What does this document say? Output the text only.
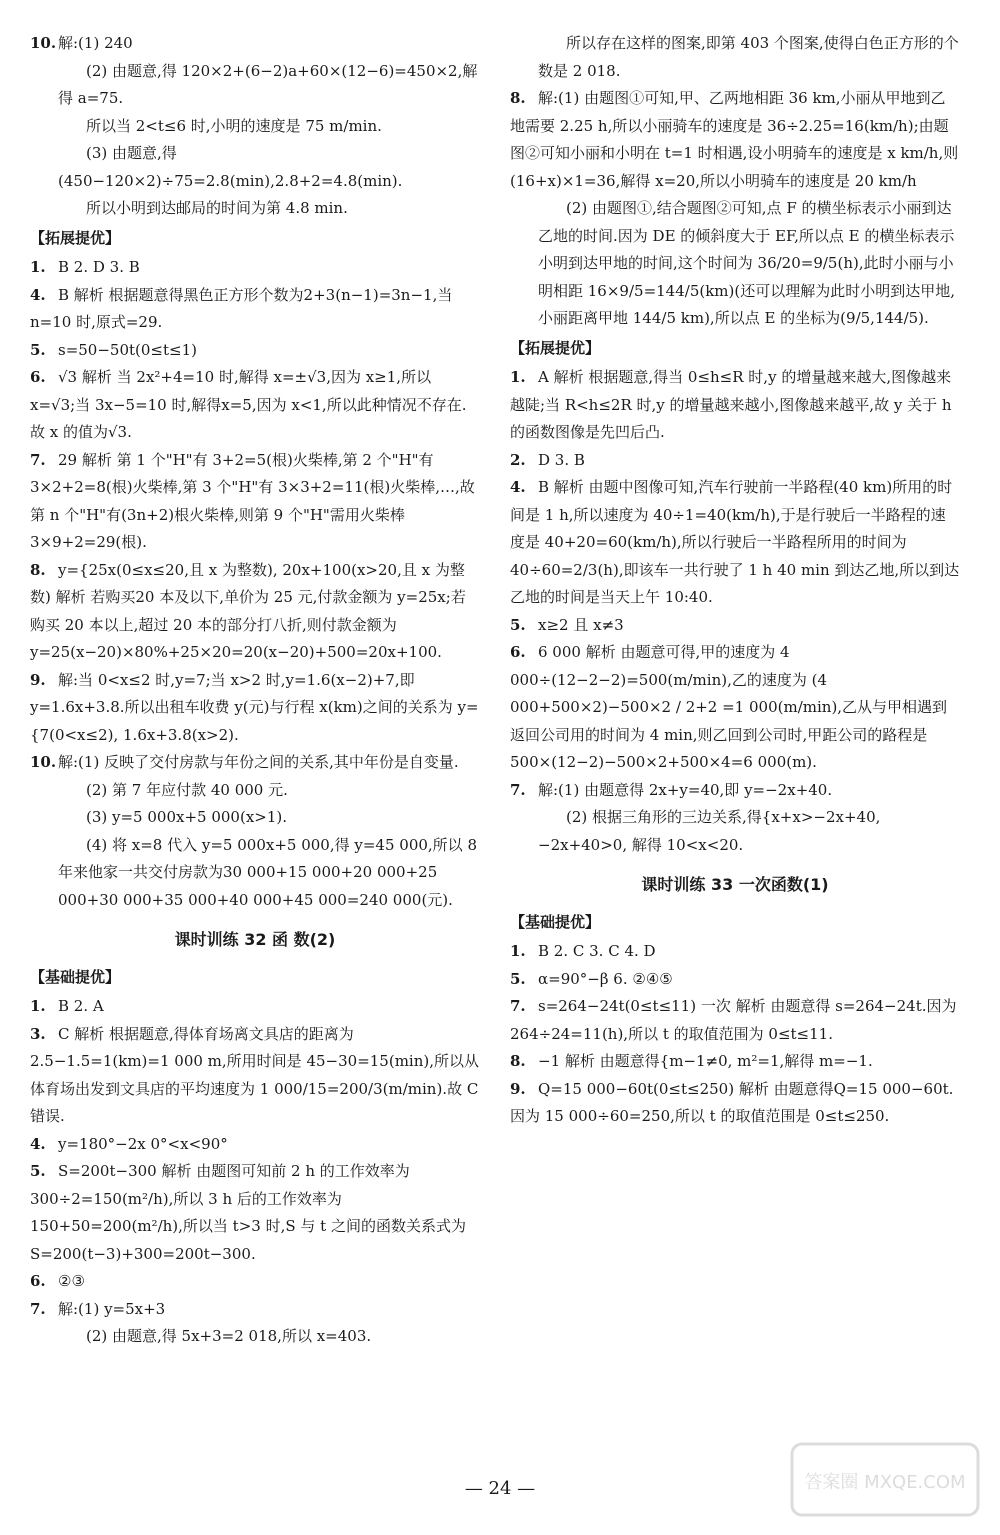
10. 解:(1) 240
(2) 由题意,得 120×2+(6−2)a+60×(12−6)=450×2,解得 a=75.
所以当 2<t≤6 时,小明的速度是 75 m/min.
(3) 由题意,得(450−120×2)÷75=2.8(min),2.8+2=4.8(min).
所以小明到达邮局的时间为第 4.8 min.
【拓展提优】
1. B 2. D 3. B
4. B 解析 根据题意得黑色正方形个数为2+3(n−1)=3n−1,当 n=10 时,原式=29.
5. s=50−50t(0≤t≤1)
6. √3 解析 当 2x²+4=10 时,解得 x=±√3,因为 x≥1,所以 x=√3;当 3x−5=10 时,解得x=5,因为 x<1,所以此种情况不存在.故 x 的值为√3.
7. 29 解析 第 1 个"H"有 3+2=5(根)火柴棒,第 2 个"H"有 3×2+2=8(根)火柴棒,第 3 个"H"有 3×3+2=11(根)火柴棒,…,故第 n 个"H"有(3n+2)根火柴棒,则第 9 个"H"需用火柴棒 3×9+2=29(根).
8. y={25x(0≤x≤20,且 x 为整数), 20x+100(x>20,且 x 为整数) 解析 若购买20 本及以下,单价为 25 元,付款金额为 y=25x;若购买 20 本以上,超过 20 本的部分打八折,则付款金额为 y=25(x−20)×80%+25×20=20(x−20)+500=20x+100.
9. 解:当 0<x≤2 时,y=7;当 x>2 时,y=1.6(x−2)+7,即 y=1.6x+3.8.所以出租车收费 y(元)与行程 x(km)之间的关系为 y={7(0<x≤2), 1.6x+3.8(x>2).
10. 解:(1) 反映了交付房款与年份之间的关系,其中年份是自变量.
(2) 第 7 年应付款 40 000 元.
(3) y=5 000x+5 000(x>1).
(4) 将 x=8 代入 y=5 000x+5 000,得 y=45 000,所以 8 年来他家一共交付房款为30 000+15 000+20 000+25 000+30 000+35 000+40 000+45 000=240 000(元).
课时训练 32 函 数(2)
【基础提优】
1. B 2. A
3. C 解析 根据题意,得体育场离文具店的距离为 2.5−1.5=1(km)=1 000 m,所用时间是 45−30=15(min),所以从体育场出发到文具店的平均速度为 1 000/15=200/3(m/min).故 C 错误.
4. y=180°−2x 0°<x<90°
5. S=200t−300 解析 由题图可知前 2 h 的工作效率为 300÷2=150(m²/h),所以 3 h 后的工作效率为 150+50=200(m²/h),所以当 t>3 时,S 与 t 之间的函数关系式为 S=200(t−3)+300=200t−300.
6. ②③
7. 解:(1) y=5x+3
(2) 由题意,得 5x+3=2 018,所以 x=403.
所以存在这样的图案,即第 403 个图案,使得白色正方形的个数是 2 018.
8. 解:(1) 由题图①可知,甲、乙两地相距 36 km,小丽从甲地到乙地需要 2.25 h,所以小丽骑车的速度是 36÷2.25=16(km/h);由题图②可知小丽和小明在 t=1 时相遇,设小明骑车的速度是 x km/h,则(16+x)×1=36,解得 x=20,所以小明骑车的速度是 20 km/h
(2) 由题图①,结合题图②可知,点 F 的横坐标表示小丽到达乙地的时间.因为 DE 的倾斜度大于 EF,所以点 E 的横坐标表示小明到达甲地的时间,这个时间为 36/20=9/5(h),此时小丽与小明相距 16×9/5=144/5(km)(还可以理解为此时小明到达甲地,小丽距离甲地 144/5 km),所以点 E 的坐标为(9/5,144/5).
【拓展提优】
1. A 解析 根据题意,得当 0≤h≤R 时,y 的增量越来越大,图像越来越陡;当 R<h≤2R 时,y 的增量越来越小,图像越来越平,故 y 关于 h 的函数图像是先凹后凸.
2. D 3. B
4. B 解析 由题中图像可知,汽车行驶前一半路程(40 km)所用的时间是 1 h,所以速度为 40÷1=40(km/h),于是行驶后一半路程的速度是 40+20=60(km/h),所以行驶后一半路程所用的时间为 40÷60=2/3(h),即该车一共行驶了 1 h 40 min 到达乙地,所以到达乙地的时间是当天上午 10:40.
5. x≥2 且 x≠3
6. 6 000 解析 由题意可得,甲的速度为 4 000÷(12−2−2)=500(m/min),乙的速度为 (4 000+500×2)−500×2 / 2+2 =1 000(m/min),乙从与甲相遇到返回公司用的时间为 4 min,则乙回到公司时,甲距公司的路程是 500×(12−2)−500×2+500×4=6 000(m).
7. 解:(1) 由题意得 2x+y=40,即 y=−2x+40.
(2) 根据三角形的三边关系,得{x+x>−2x+40, −2x+40>0, 解得 10<x<20.
课时训练 33 一次函数(1)
【基础提优】
1. B 2. C 3. C 4. D
5. α=90°−β 6. ②④⑤
7. s=264−24t(0≤t≤11) 一次 解析 由题意得 s=264−24t.因为 264÷24=11(h),所以 t 的取值范围为 0≤t≤11.
8. −1 解析 由题意得{m−1≠0, m²=1,解得 m=−1.
9. Q=15 000−60t(0≤t≤250) 解析 由题意得Q=15 000−60t.因为 15 000÷60=250,所以 t 的取值范围是 0≤t≤250.
— 24 —	答案圈 MXQE.COM
